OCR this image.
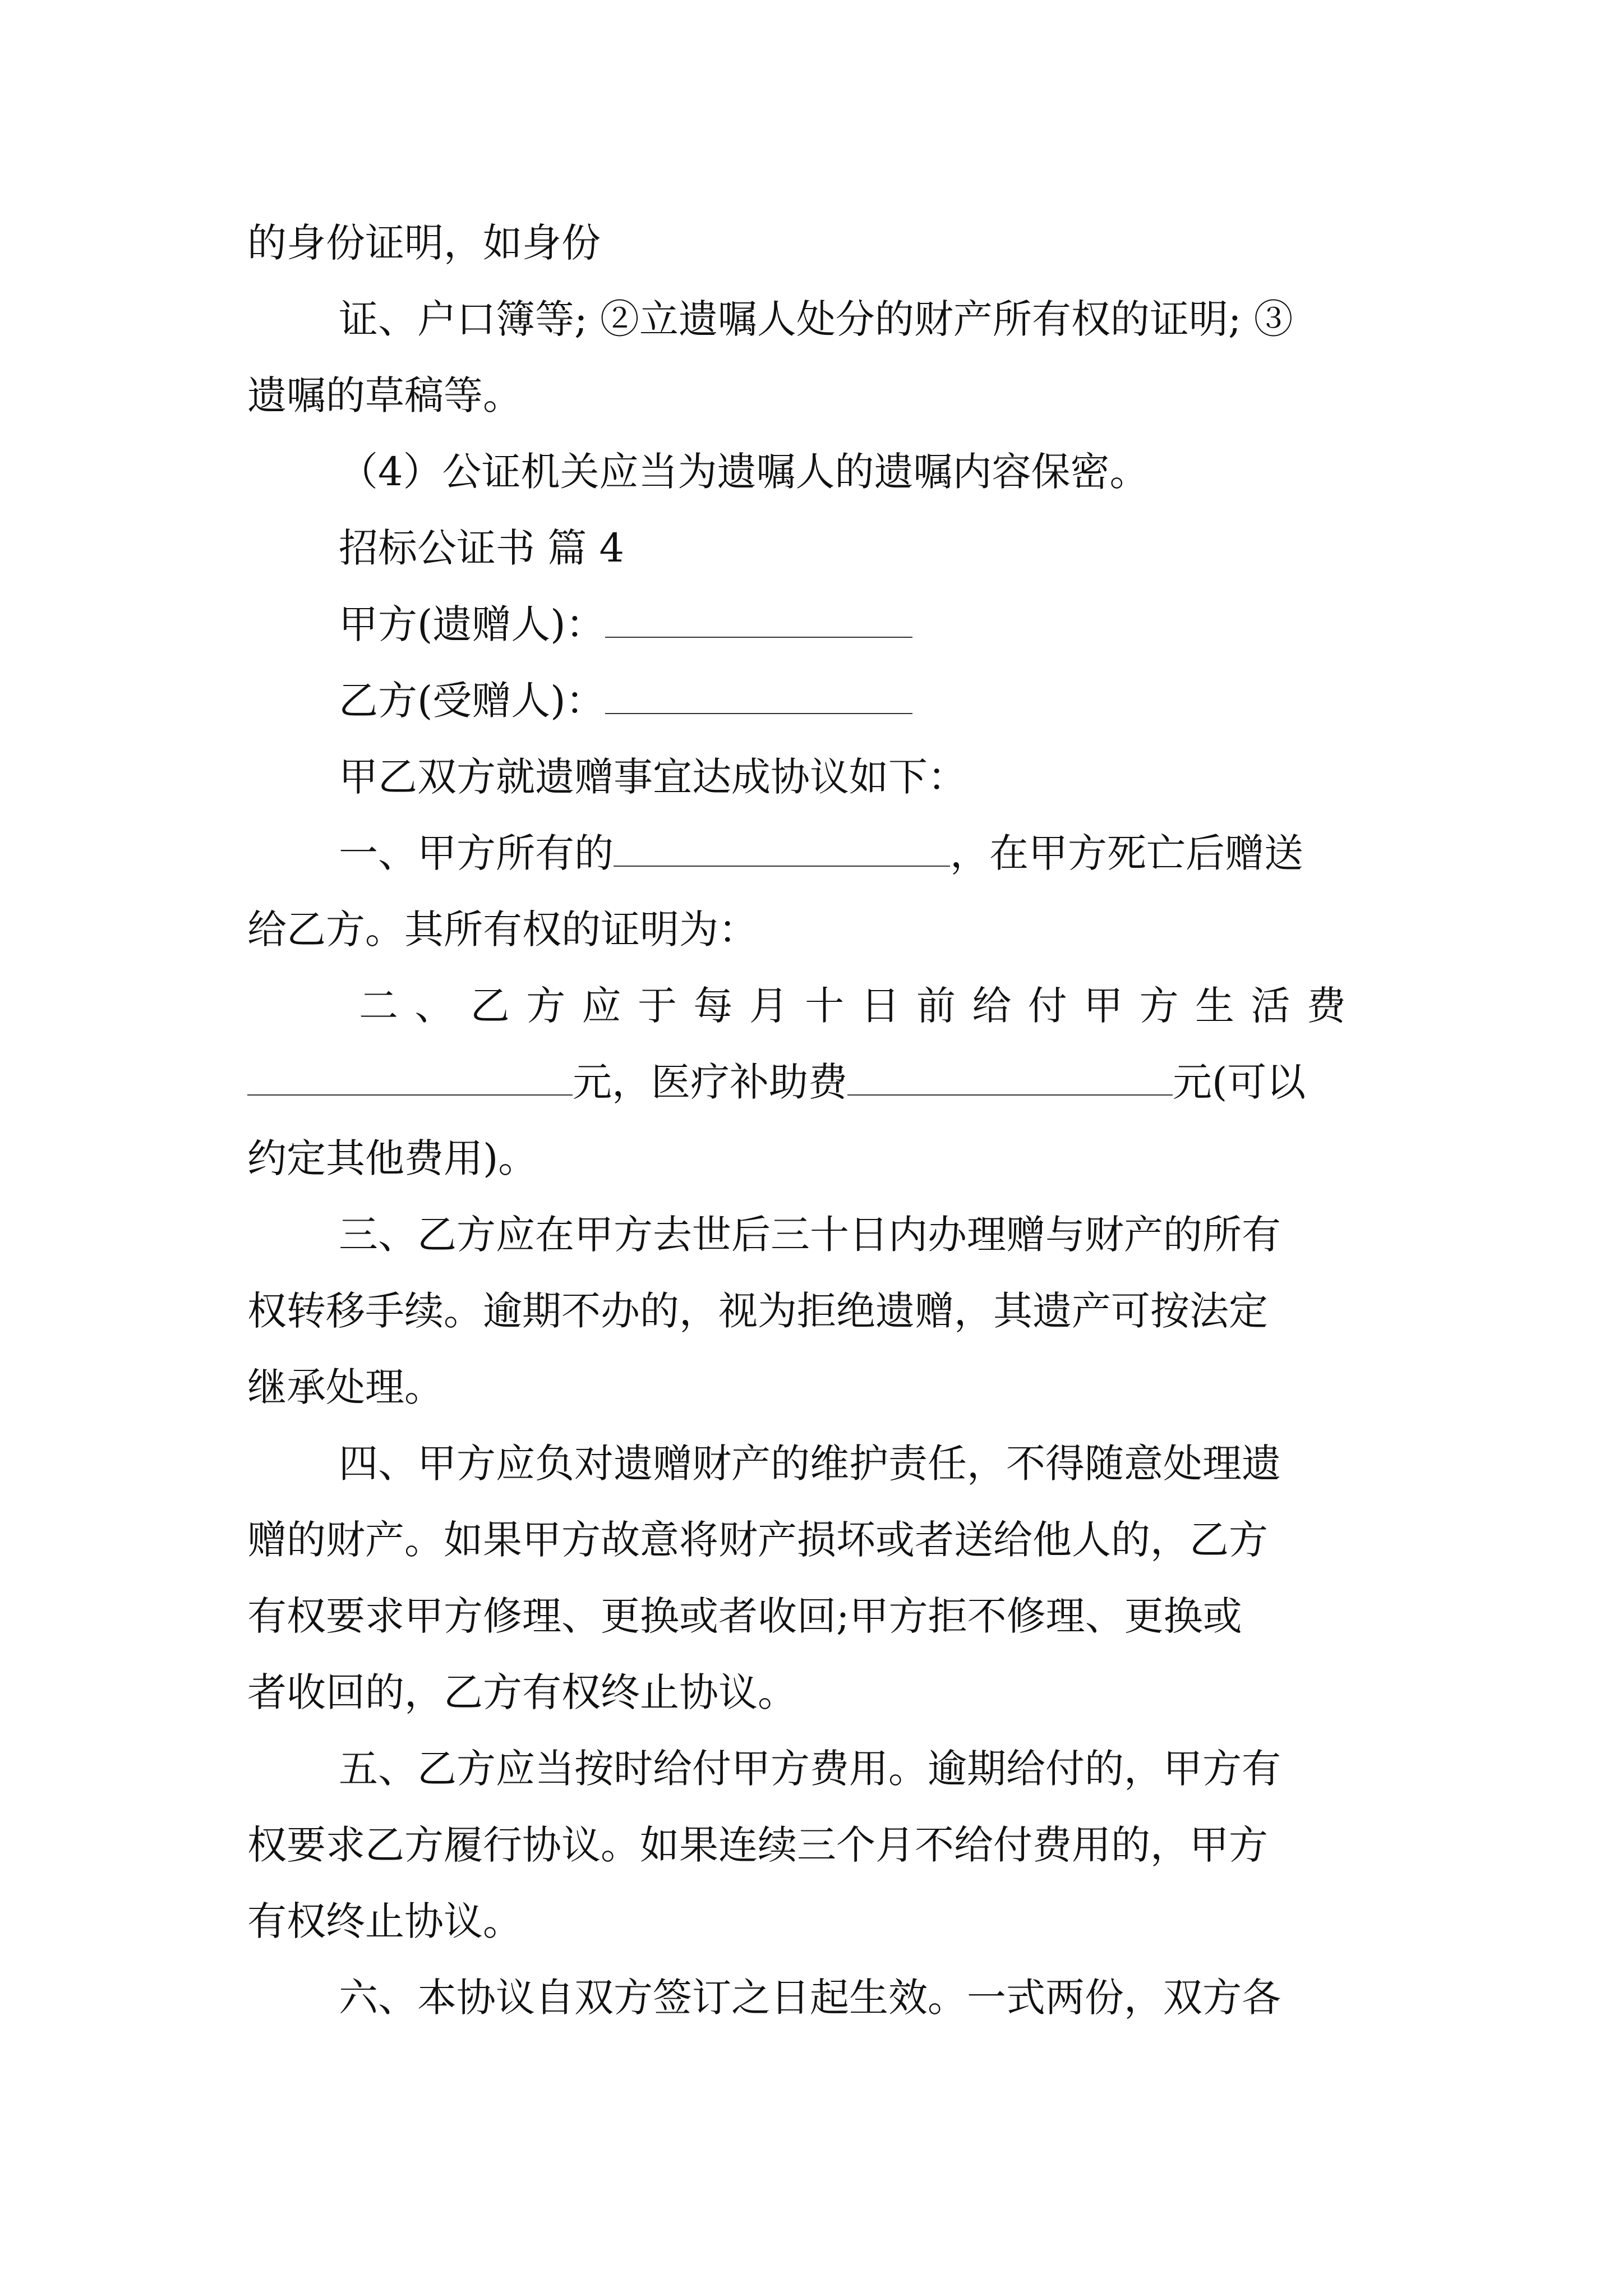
的身份证明，如身份
证、户口簿等; ②立遗嘱人处分的财产所有权的证明; ③
遗嘱的草稿等。
（4）公证机关应当为遗嘱人的遗嘱内容保密。
招标公证书 篇 4
甲方(遗赠人)：
乙方(受赠人)：
甲乙双方就遗赠事宜达成协议如下：
一、甲方所有的	，在甲方死亡后赠送
给乙方。其所有权的证明为：
二、乙方应于每月十日前给付甲方生活费
元，医疗补助费	元(可以
约定其他费用)。
三、乙方应在甲方去世后三十日内办理赠与财产的所有
权转移手续。逾期不办的，视为拒绝遗赠，其遗产可按法定
继承处理。
四、甲方应负对遗赠财产的维护责任，不得随意处理遗
赠的财产。如果甲方故意将财产损坏或者送给他人的，乙方
有权要求甲方修理、更换或者收回;甲方拒不修理、更换或
者收回的，乙方有权终止协议。
五、乙方应当按时给付甲方费用。逾期给付的，甲方有
权要求乙方履行协议。如果连续三个月不给付费用的，甲方
有权终止协议。
六、本协议自双方签订之日起生效。一式两份，双方各
